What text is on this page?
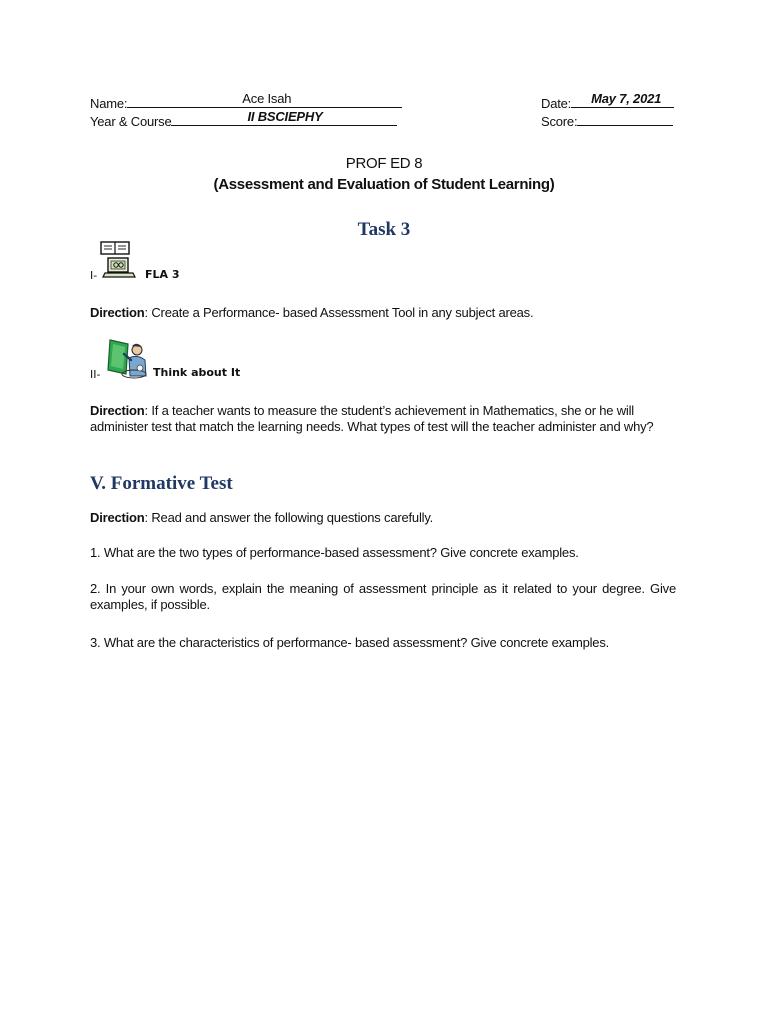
Name:	Ace Isah	Date: May 7, 2021
Year & Course	II BSCIEPHY	Score:
PROF ED 8
(Assessment and Evaluation of Student Learning)
Task 3
I-	FLA 3
Direction: Create a Performance- based Assessment Tool in any subject areas.
II-	Think about It
Direction: If a teacher wants to measure the student’s achievement in Mathematics, she or he will administer test that match the learning needs. What types of test will the teacher administer and why?
V. Formative Test
Direction: Read and answer the following questions carefully.
1. What are the two types of performance-based assessment? Give concrete examples.
2. In your own words, explain the meaning of assessment principle as it related to your degree. Give examples, if possible.
3. What are the characteristics of performance- based assessment? Give concrete examples.
